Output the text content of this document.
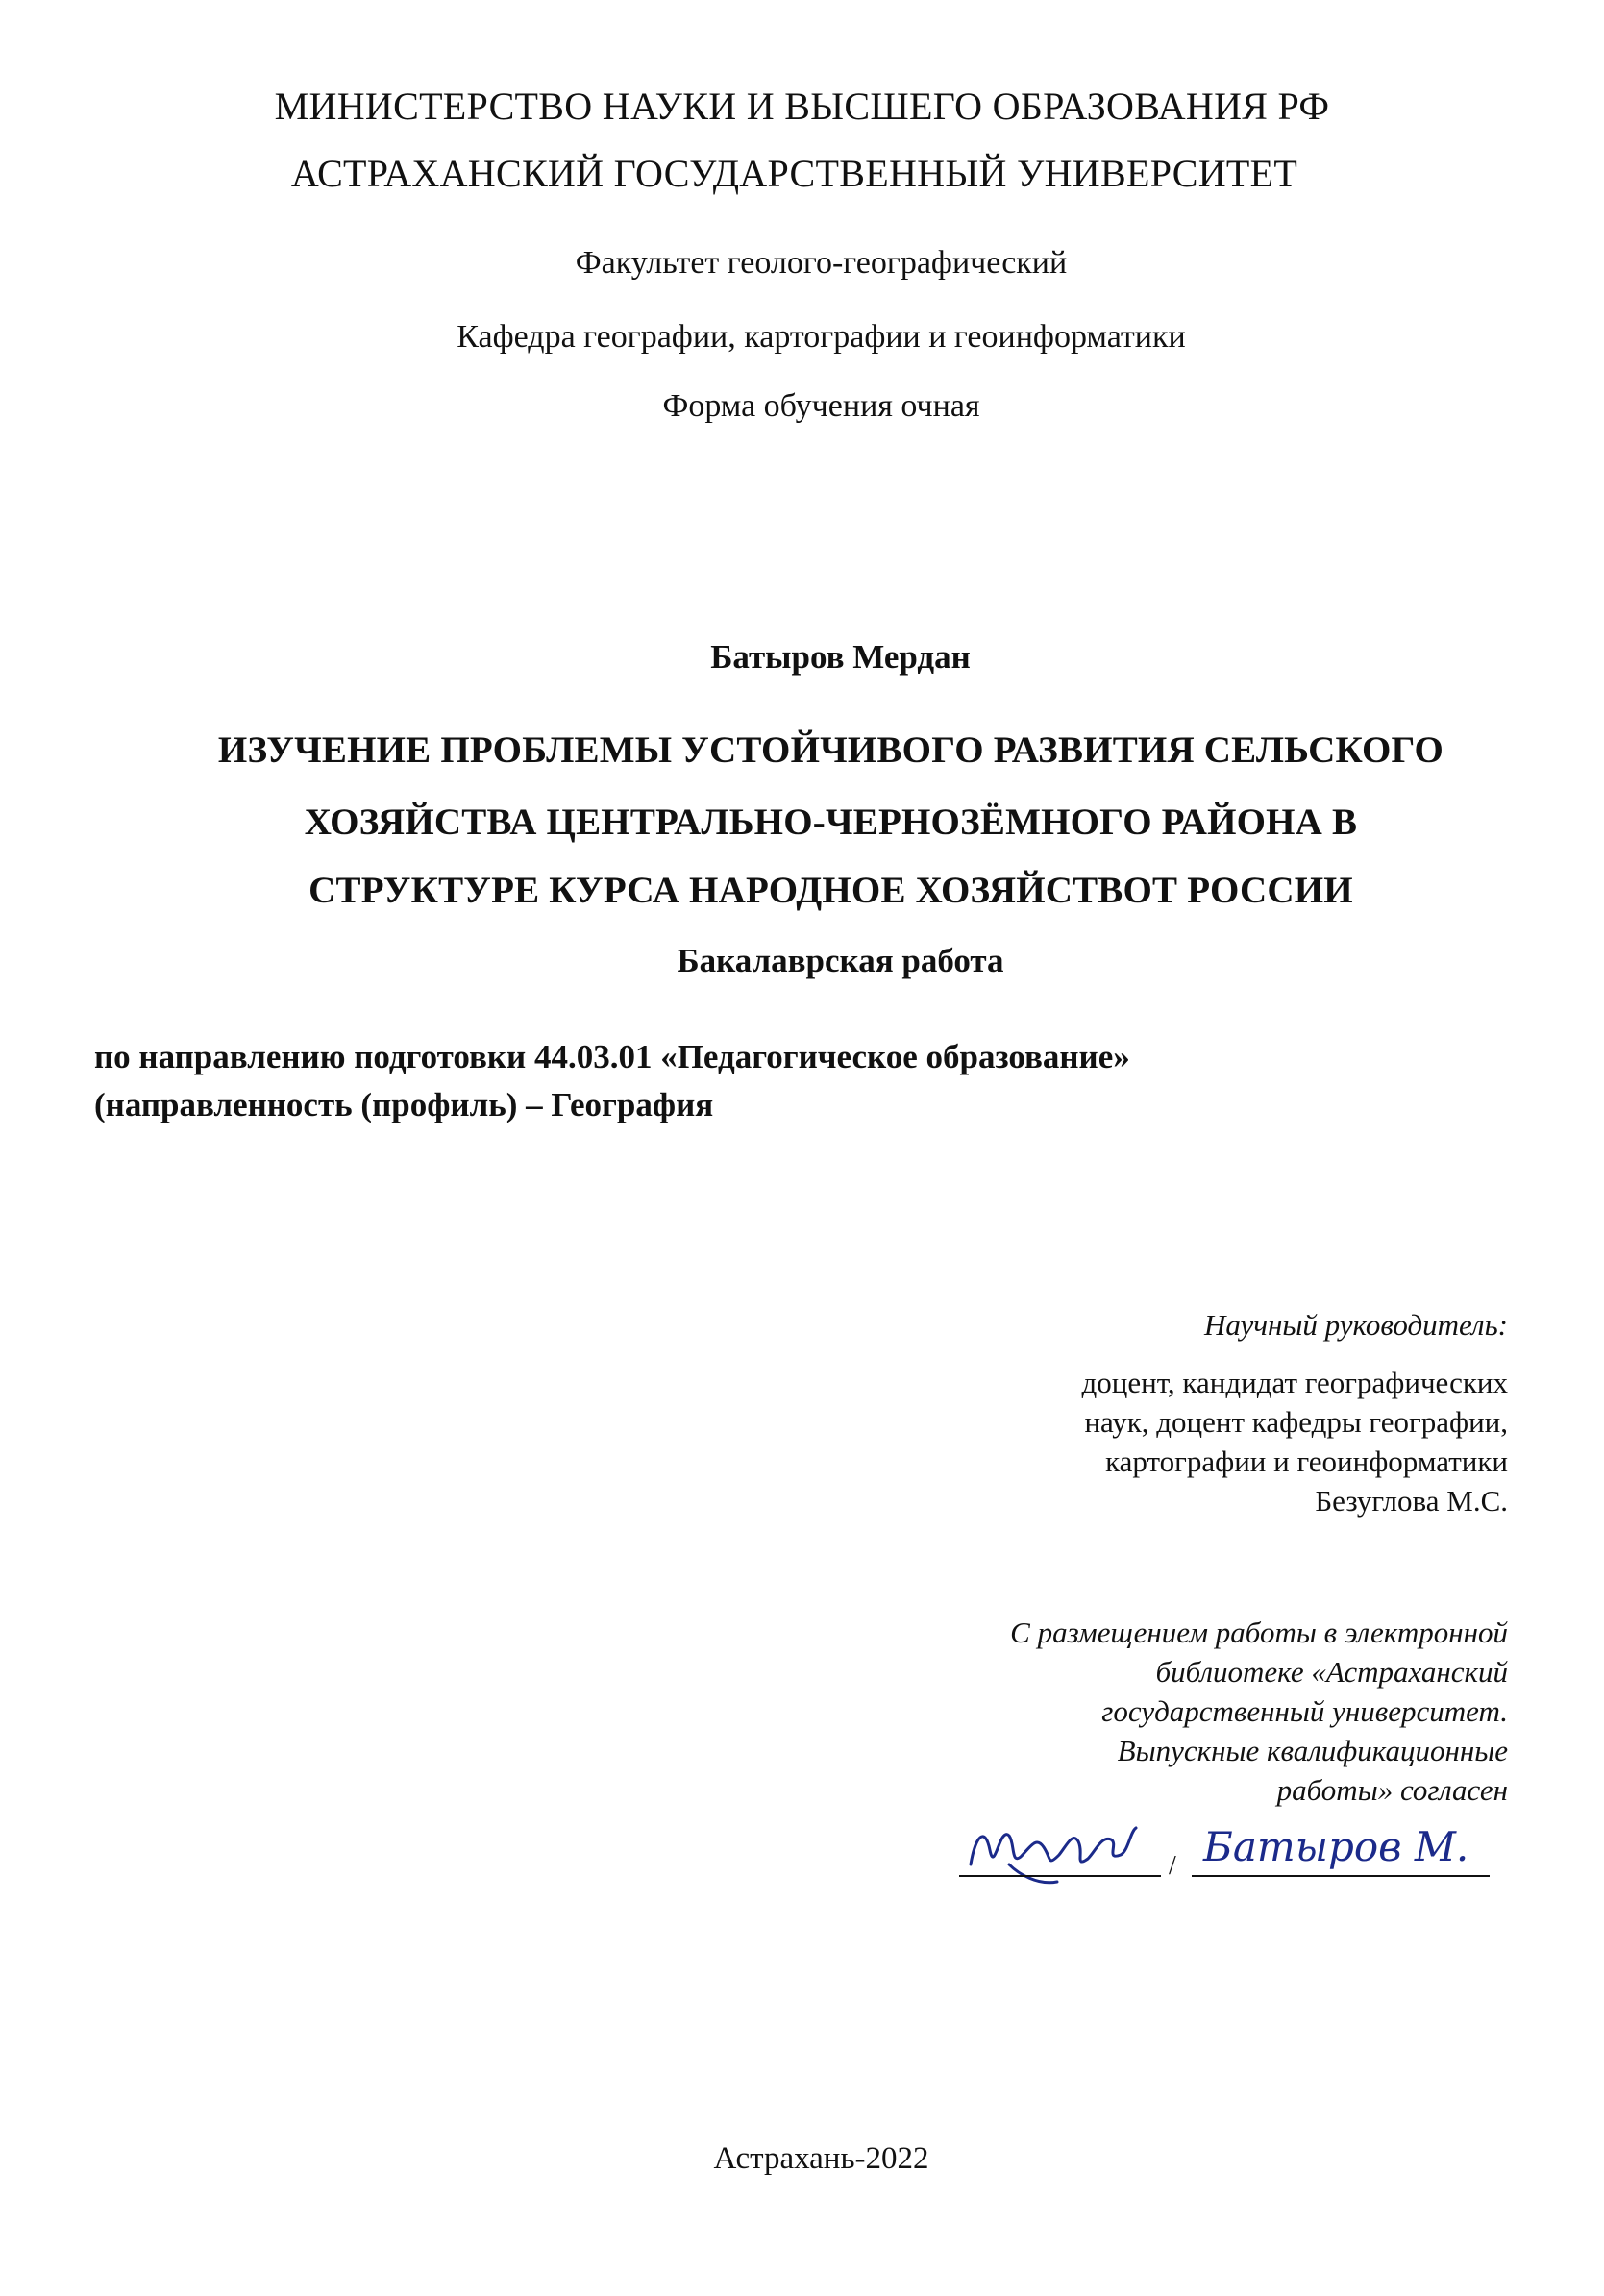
МИНИСТЕРСТВО НАУКИ И ВЫСШЕГО ОБРАЗОВАНИЯ РФ
АСТРАХАНСКИЙ ГОСУДАРСТВЕННЫЙ УНИВЕРСИТЕТ
Факультет геолого-географический
Кафедра географии, картографии и геоинформатики
Форма обучения очная
Батыров Мердан
ИЗУЧЕНИЕ ПРОБЛЕМЫ УСТОЙЧИВОГО РАЗВИТИЯ СЕЛЬСКОГО
ХОЗЯЙСТВА ЦЕНТРАЛЬНО-ЧЕРНОЗЁМНОГО РАЙОНА В
СТРУКТУРЕ КУРСА НАРОДНОЕ ХОЗЯЙСТВОТ РОССИИ
Бакалаврская работа
по направлению подготовки 44.03.01 «Педагогическое образование»
(направленность (профиль) – География
Научный руководитель:
доцент, кандидат географических
наук, доцент кафедры географии,
картографии и геоинформатики
Безуглова М.С.
С размещением работы в электронной
библиотеке «Астраханский
государственный университет.
Выпускные квалификационные
работы» согласен
/ Батыров М.
Астрахань-2022
